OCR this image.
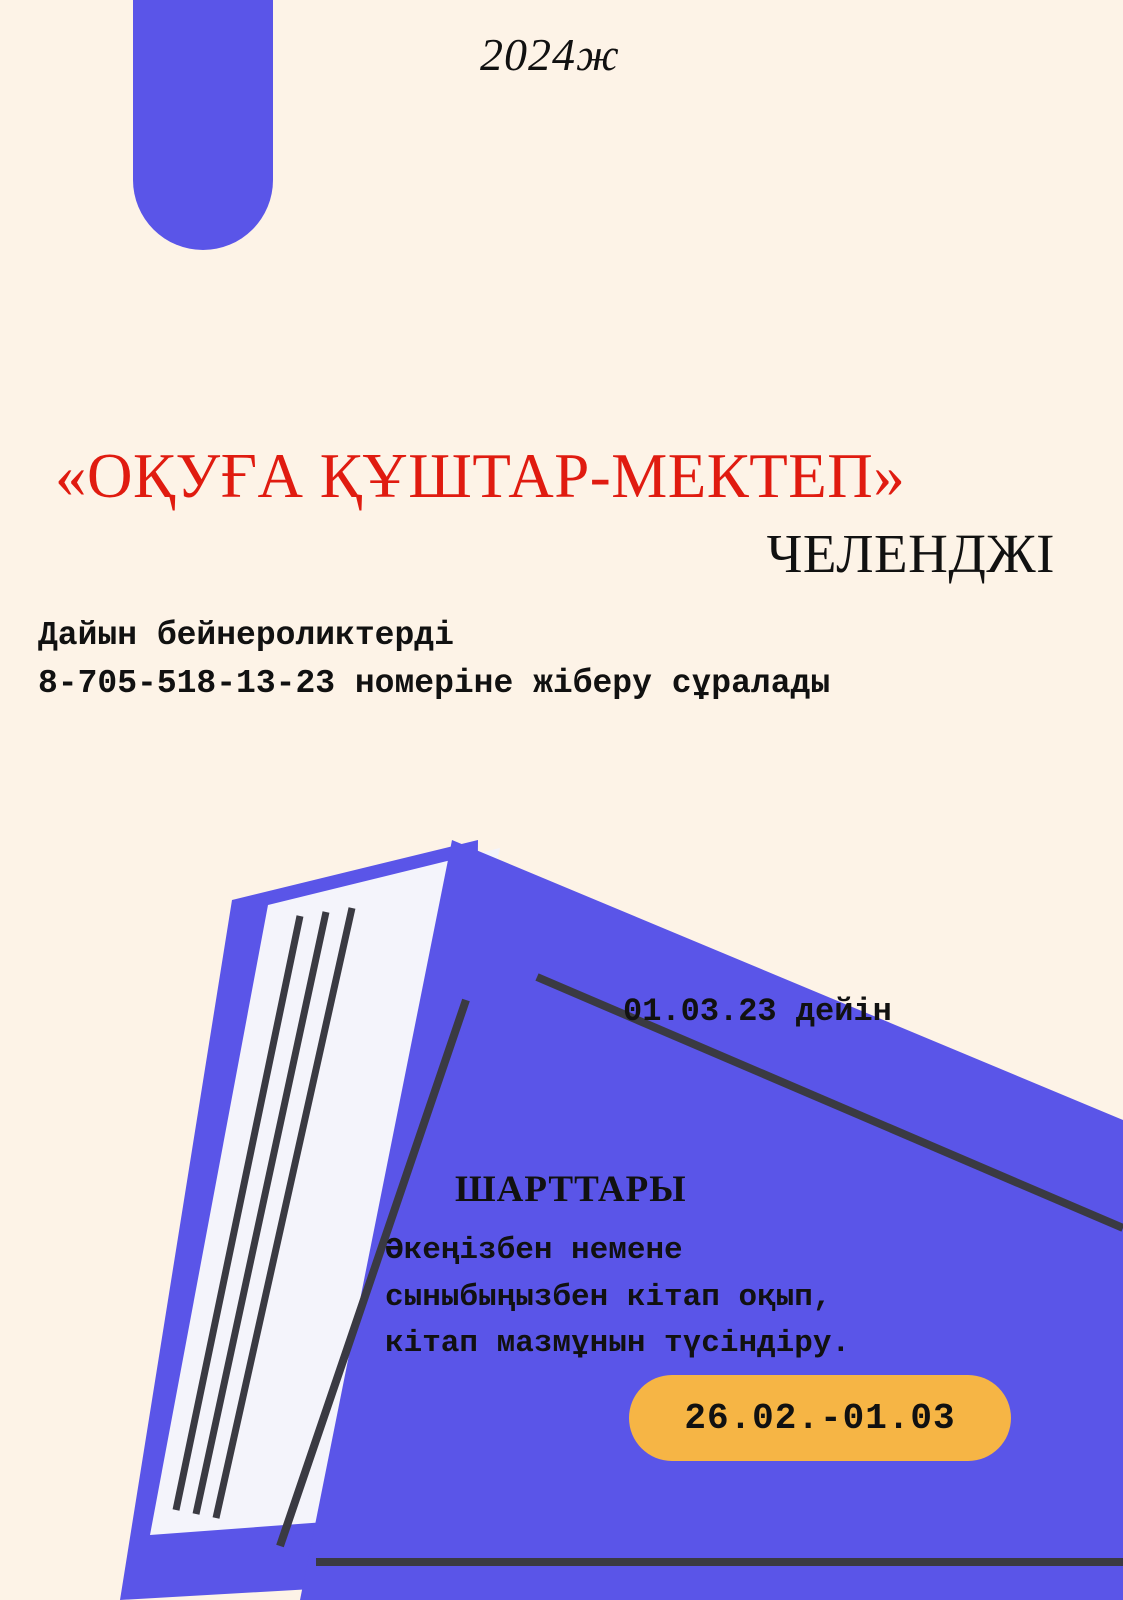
2024ж
«ОҚУҒА ҚҰШТАР-МЕКТЕП»
ЧЕЛЕНДЖІ
Дайын бейнероликтерді
8-705-518-13-23 номеріне жіберу сұралады
01.03.23 дейін
ШАРТТАРЫ
Әкеңізбен немене
сыныбыңызбен кітап оқып,
кітап мазмұнын түсіндіру.
26.02.-01.03
